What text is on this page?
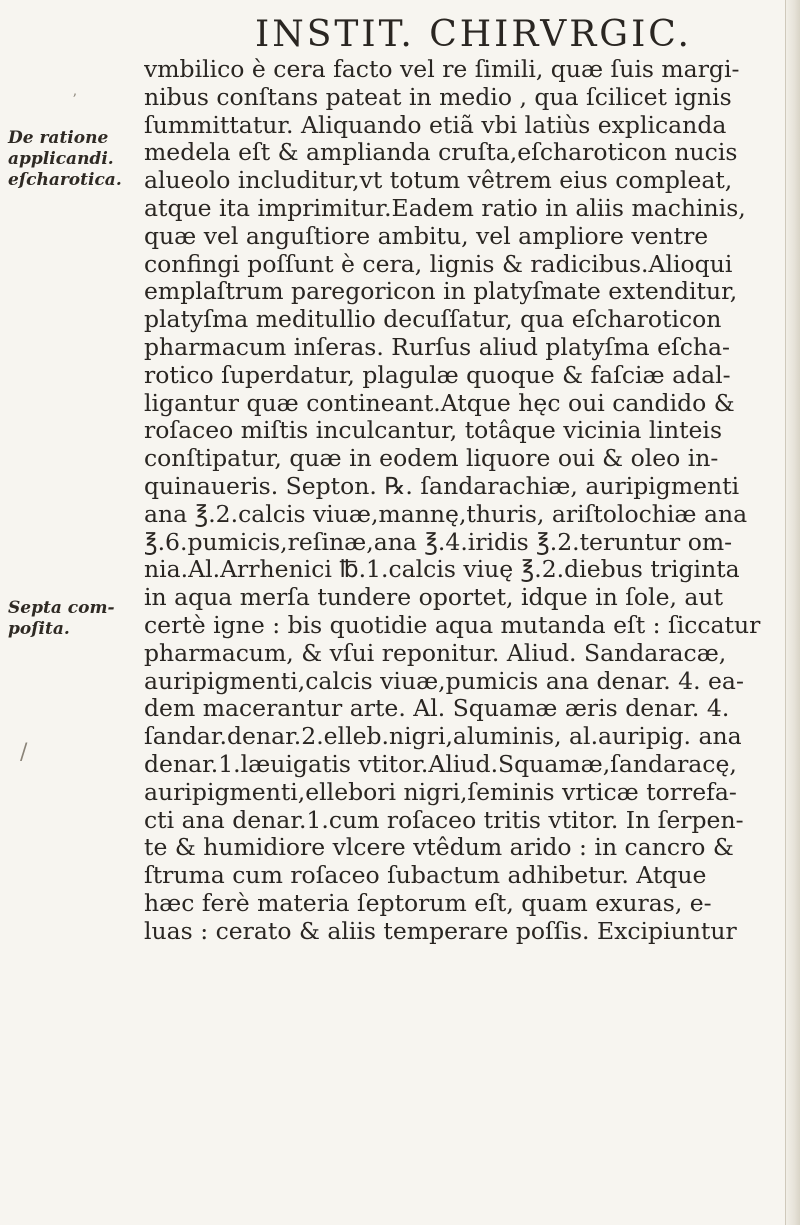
INSTIT. CHIRVRGIC.
De ratione
applicandi.
eſcharotica.
Septa com-
poſita.
ʼ
/
vmbilico è cera facto vel re ſimili, quæ ſuis margi-
nibus conſtans pateat in medio , qua ſcilicet ignis
ſummittatur. Aliquando etiã vbi latiùs explicanda
medela eſt & amplianda cruſta,eſcharoticon nucis
alueolo includitur,vt totum vêtrem eius compleat,
atque ita imprimitur.Eadem ratio in aliis machinis,
quæ vel anguſtiore ambitu, vel ampliore ventre
confingi poſſunt è cera, lignis & radicibus.Alioqui
emplaſtrum paregoricon in platyſmate extenditur,
platyſma meditullio decuſſatur, qua eſcharoticon
pharmacum inſeras. Rurſus aliud platyſma eſcha-
rotico ſuperdatur, plagulæ quoque & faſciæ adal-
ligantur quæ contineant.Atque hęc oui candido &
roſaceo miſtis inculcantur, totâque vicinia linteis
conſtipatur, quæ in eodem liquore oui & oleo in-
quinaueris. Septon. ℞. ſandarachiæ, auripigmenti
ana ℥.2.calcis viuæ,mannę,thuris, ariſtolochiæ ana
℥.6.pumicis,reſinæ,ana ℥.4.iridis ℥.2.teruntur om-
nia.Al.Arrhenici ℔.1.calcis viuę ℥.2.diebus triginta
in aqua merſa tundere oportet, idque in ſole, aut
certè igne : bis quotidie aqua mutanda eſt : ſiccatur
pharmacum, & vſui reponitur. Aliud. Sandaracæ,
auripigmenti,calcis viuæ,pumicis ana denar. 4. ea-
dem macerantur arte. Al. Squamæ æris denar. 4.
ſandar.denar.2.elleb.nigri,aluminis, al.auripig. ana
denar.1.læuigatis vtitor.Aliud.Squamæ,ſandaracę,
auripigmenti,ellebori nigri,ſeminis vrticæ torrefa-
cti ana denar.1.cum roſaceo tritis vtitor. In ſerpen-
te & humidiore vlcere vtêdum arido : in cancro &
ſtruma cum roſaceo ſubactum adhibetur. Atque
hæc ferè materia ſeptorum eſt, quam exuras, e-
luas : cerato & aliis temperare poſſis. Excipiuntur
